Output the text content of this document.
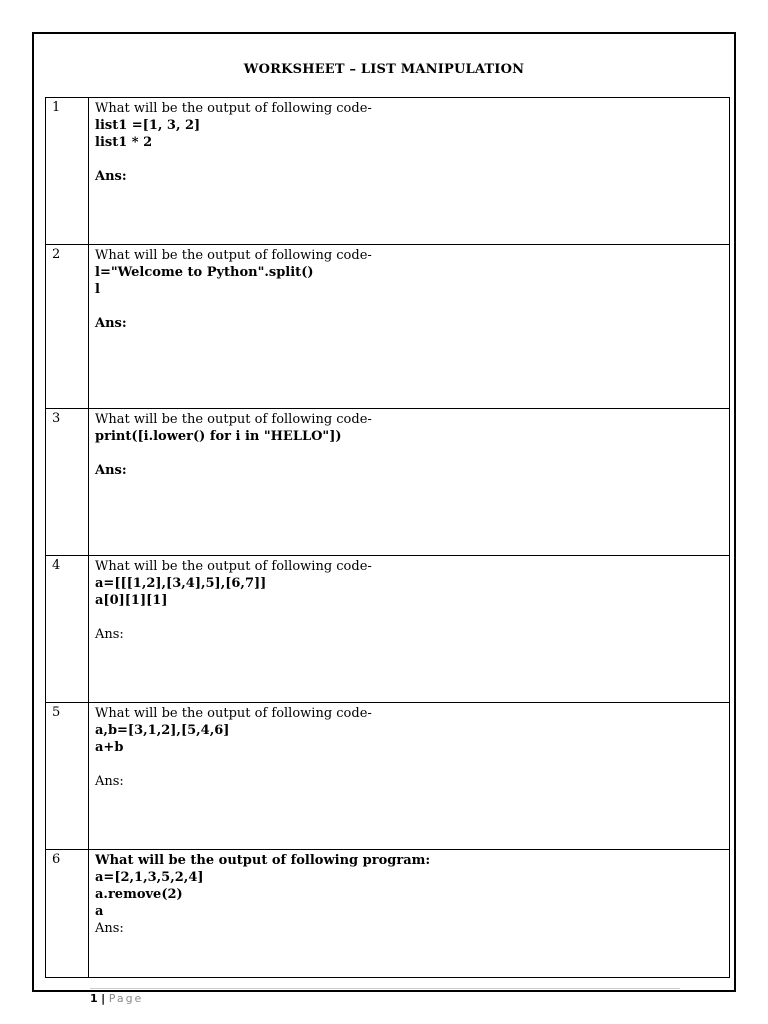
WORKSHEET – LIST MANIPULATION
1	What will be the output of following code-
list1 =[1, 3, 2]
list1 * 2
Ans:

2	What will be the output of following code-
l="Welcome to Python".split()
l
Ans:

3	What will be the output of following code-
print([i.lower() for i in "HELLO"])
Ans:

4	What will be the output of following code-
a=[[[1,2],[3,4],5],[6,7]]
a[0][1][1]
Ans:

5	What will be the output of following code-
a,b=[3,1,2],[5,4,6]
a+b
Ans:

6	What will be the output of following program:
a=[2,1,3,5,2,4]
a.remove(2)
a
Ans:
1 | Page
